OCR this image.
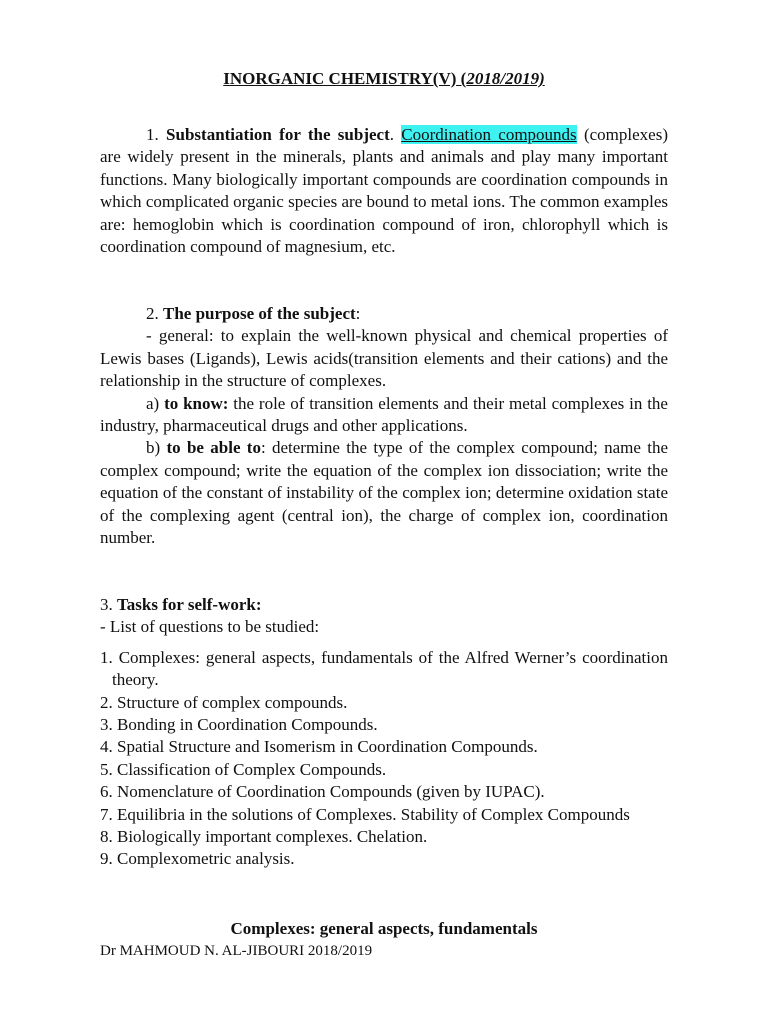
INORGANIC CHEMISTRY(V) (2018/2019)

1. Substantiation for the subject. Coordination compounds (complexes) are widely present in the minerals, plants and animals and play many important functions. Many biologically important compounds are coordination compounds in which complicated organic species are bound to metal ions. The common examples are: hemoglobin which is coordination compound of iron, chlorophyll which is coordination compound of magnesium, etc.

2. The purpose of the subject:

- general: to explain the well-known physical and chemical properties of Lewis bases (Ligands), Lewis acids(transition elements and their cations) and the relationship in the structure of complexes.

a) to know: the role of transition elements and their metal complexes in the industry, pharmaceutical drugs and other applications.

b) to be able to: determine the type of the complex compound; name the complex compound; write the equation of the complex ion dissociation; write the equation of the constant of instability of the complex ion; determine oxidation state of the complexing agent (central ion), the charge of complex ion, coordination number.

3. Tasks for self-work:

- List of questions to be studied:

1. Complexes: general aspects, fundamentals of the Alfred Werner’s coordination theory.
2. Structure of complex compounds.
3. Bonding in Coordination Compounds.
4. Spatial Structure and Isomerism in Coordination Compounds.
5. Classification of Complex Compounds.
6. Nomenclature of Coordination Compounds (given by IUPAC).
7. Equilibria in the solutions of Complexes. Stability of Complex Compounds
8. Biologically important complexes. Chelation.
9. Complexometric analysis.
Complexes: general aspects, fundamentals
Dr MAHMOUD N. AL-JIBOURI 2018/2019
